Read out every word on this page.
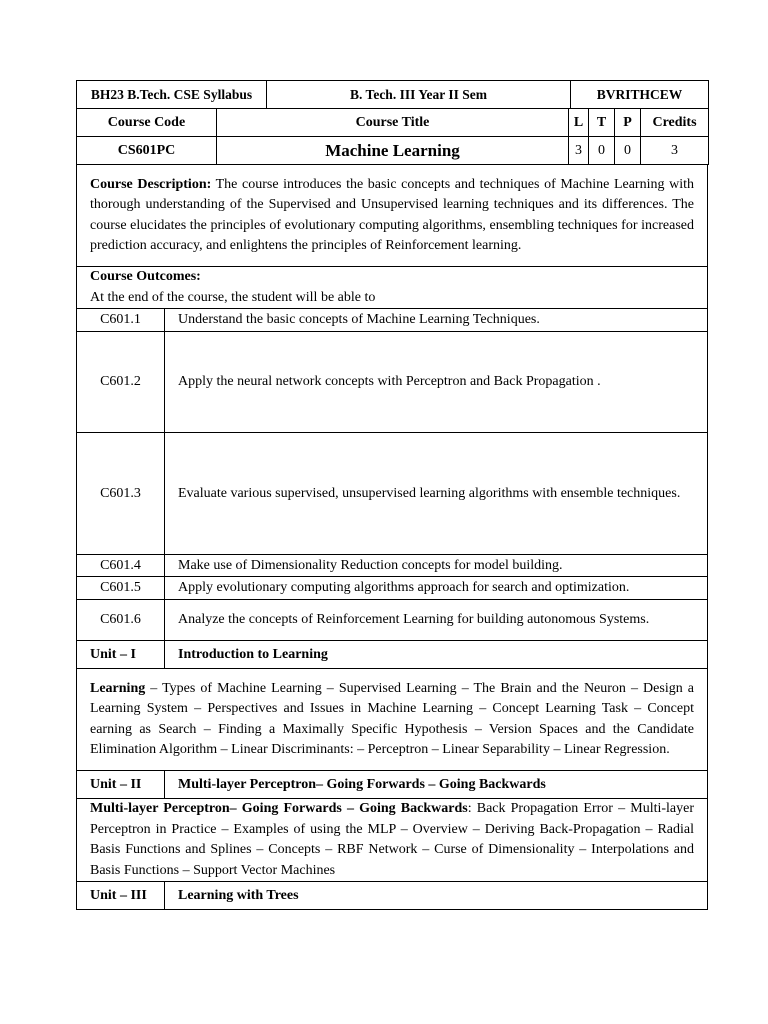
BH23 B.Tech. CSE Syllabus	B. Tech. III Year II Sem	BVRITHCEW
Course Code	Course Title	L	T	P	Credits
CS601PC	Machine Learning	3	0	0	3

Course Description: The course introduces the basic concepts and techniques of Machine Learning with thorough understanding of the Supervised and Unsupervised learning techniques and its differences. The course elucidates the principles of evolutionary computing algorithms, ensembling techniques for increased prediction accuracy, and enlightens the principles of Reinforcement learning.

Course Outcomes:
At the end of the course, the student will be able to
C601.1	Understand the basic concepts of Machine Learning Techniques.
C601.2	Apply the neural network concepts with Perceptron and Back Propagation .
C601.3	Evaluate various supervised, unsupervised learning algorithms with ensemble techniques.
C601.4	Make use of Dimensionality Reduction concepts for model building.
C601.5	Apply evolutionary computing algorithms approach for search and optimization.
C601.6	Analyze the concepts of Reinforcement Learning for building autonomous Systems.
Unit – I	Introduction to Learning

Learning – Types of Machine Learning – Supervised Learning – The Brain and the Neuron – Design a Learning System – Perspectives and Issues in Machine Learning – Concept Learning Task – Concept earning as Search – Finding a Maximally Specific Hypothesis – Version Spaces and the Candidate Elimination Algorithm – Linear Discriminants: – Perceptron – Linear Separability – Linear Regression.

Unit – II	Multi-layer Perceptron– Going Forwards – Going Backwards

Multi-layer Perceptron– Going Forwards – Going Backwards: Back Propagation Error – Multi-layer Perceptron in Practice – Examples of using the MLP – Overview – Deriving Back-Propagation – Radial Basis Functions and Splines – Concepts – RBF Network – Curse of Dimensionality – Interpolations and Basis Functions – Support Vector Machines

Unit – III	Learning with Trees
